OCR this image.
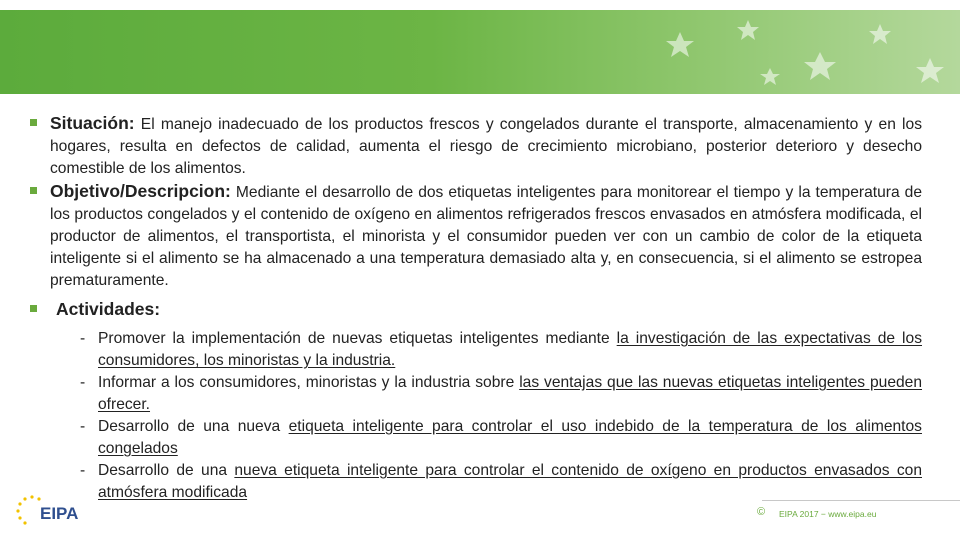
Situación: El manejo inadecuado de los productos frescos y congelados durante el transporte, almacenamiento y en los hogares, resulta en defectos de calidad, aumenta el riesgo de crecimiento microbiano, posterior deterioro y desecho comestible de los alimentos.
Objetivo/Descripcion: Mediante el desarrollo de dos etiquetas inteligentes para monitorear el tiempo y la temperatura de los productos congelados y el contenido de oxígeno en alimentos refrigerados frescos envasados en atmósfera modificada, el productor de alimentos, el transportista, el minorista y el consumidor pueden ver con un cambio de color de la etiqueta inteligente si el alimento se ha almacenado a una temperatura demasiado alta y, en consecuencia, si el alimento se estropea prematuramente.
Actividades:
- Promover la implementación de nuevas etiquetas inteligentes mediante la investigación de las expectativas de los consumidores, los minoristas y la industria.
- Informar a los consumidores, minoristas y la industria sobre las ventajas que las nuevas etiquetas inteligentes pueden ofrecer.
- Desarrollo de una nueva etiqueta inteligente para controlar el uso indebido de la temperatura de los alimentos congelados
- Desarrollo de una nueva etiqueta inteligente para controlar el contenido de oxígeno en productos envasados con atmósfera modificada
EIPA	© EIPA 2017 − www.eipa.eu
